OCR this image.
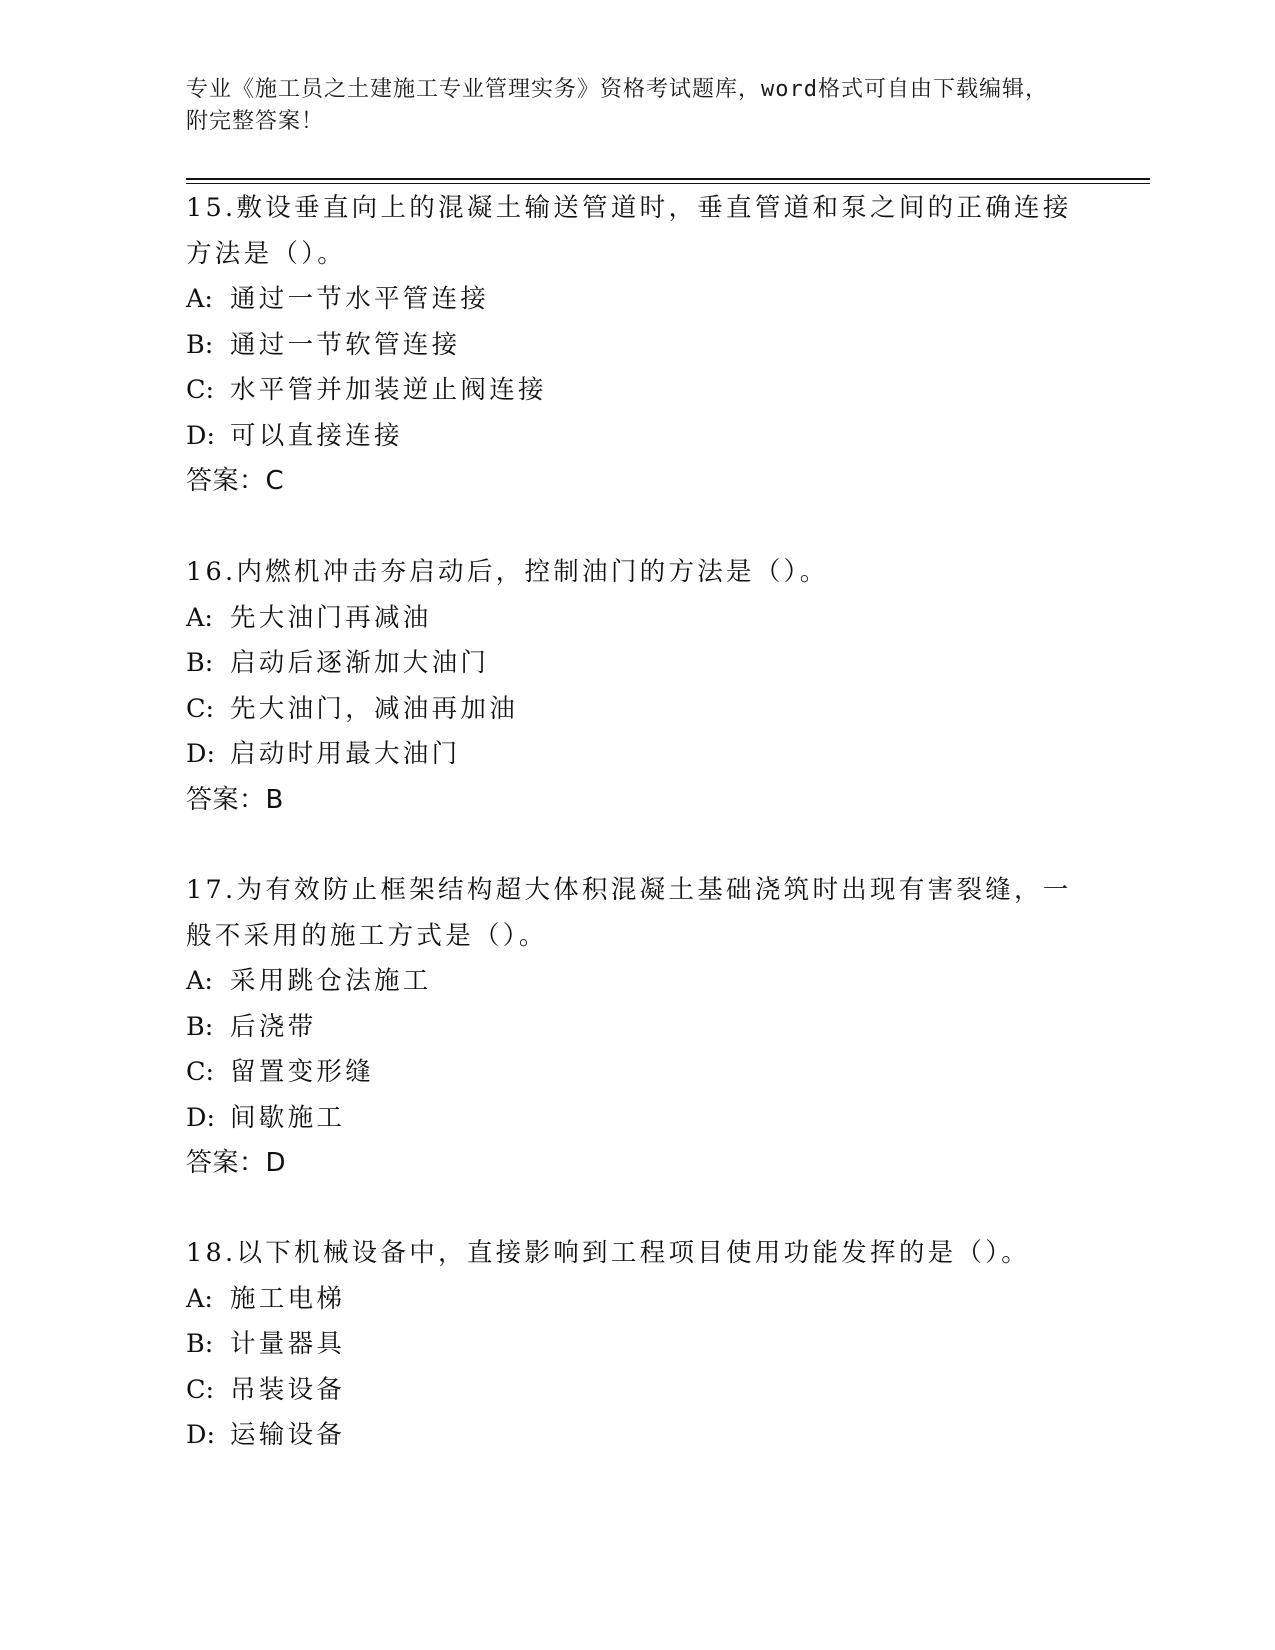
专业《施工员之土建施工专业管理实务》资格考试题库，word格式可自由下载编辑，附完整答案！

15.敷设垂直向上的混凝土输送管道时，垂直管道和泵之间的正确连接方法是（）。

A: 通过一节水平管连接
B: 通过一节软管连接
C: 水平管并加装逆止阀连接
D: 可以直接连接
答案：C

16.内燃机冲击夯启动后，控制油门的方法是（）。

A: 先大油门再减油
B: 启动后逐渐加大油门
C: 先大油门，减油再加油
D: 启动时用最大油门
答案：B

17.为有效防止框架结构超大体积混凝土基础浇筑时出现有害裂缝，一般不采用的施工方式是（）。

A: 采用跳仓法施工
B: 后浇带
C: 留置变形缝
D: 间歇施工
答案：D

18.以下机械设备中，直接影响到工程项目使用功能发挥的是（）。

A: 施工电梯
B: 计量器具
C: 吊装设备
D: 运输设备
